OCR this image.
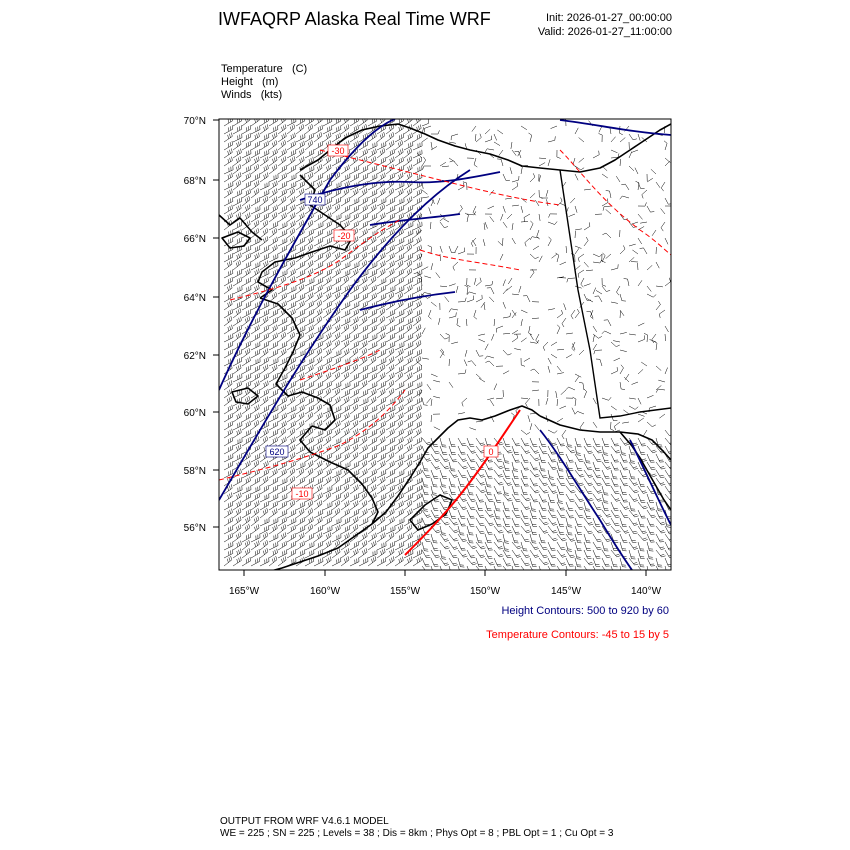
IWFAQRP Alaska Real Time WRF	Init: 2026-01-27_00:00:00
Valid: 2026-01-27_11:00:00
Temperature (C)
Height (m)
Winds (kts)
740
620
-30
-20
-10
0
70°N
68°N
66°N
64°N
62°N
60°N
58°N
56°N
165°W	160°W	155°W	150°W	145°W	140°W
Height Contours: 500 to 920 by 60
Temperature Contours: -45 to 15 by 5
OUTPUT FROM WRF V4.6.1 MODEL
WE = 225 ; SN = 225 ; Levels = 38 ; Dis = 8km ; Phys Opt = 8 ; PBL Opt = 1 ; Cu Opt = 3
